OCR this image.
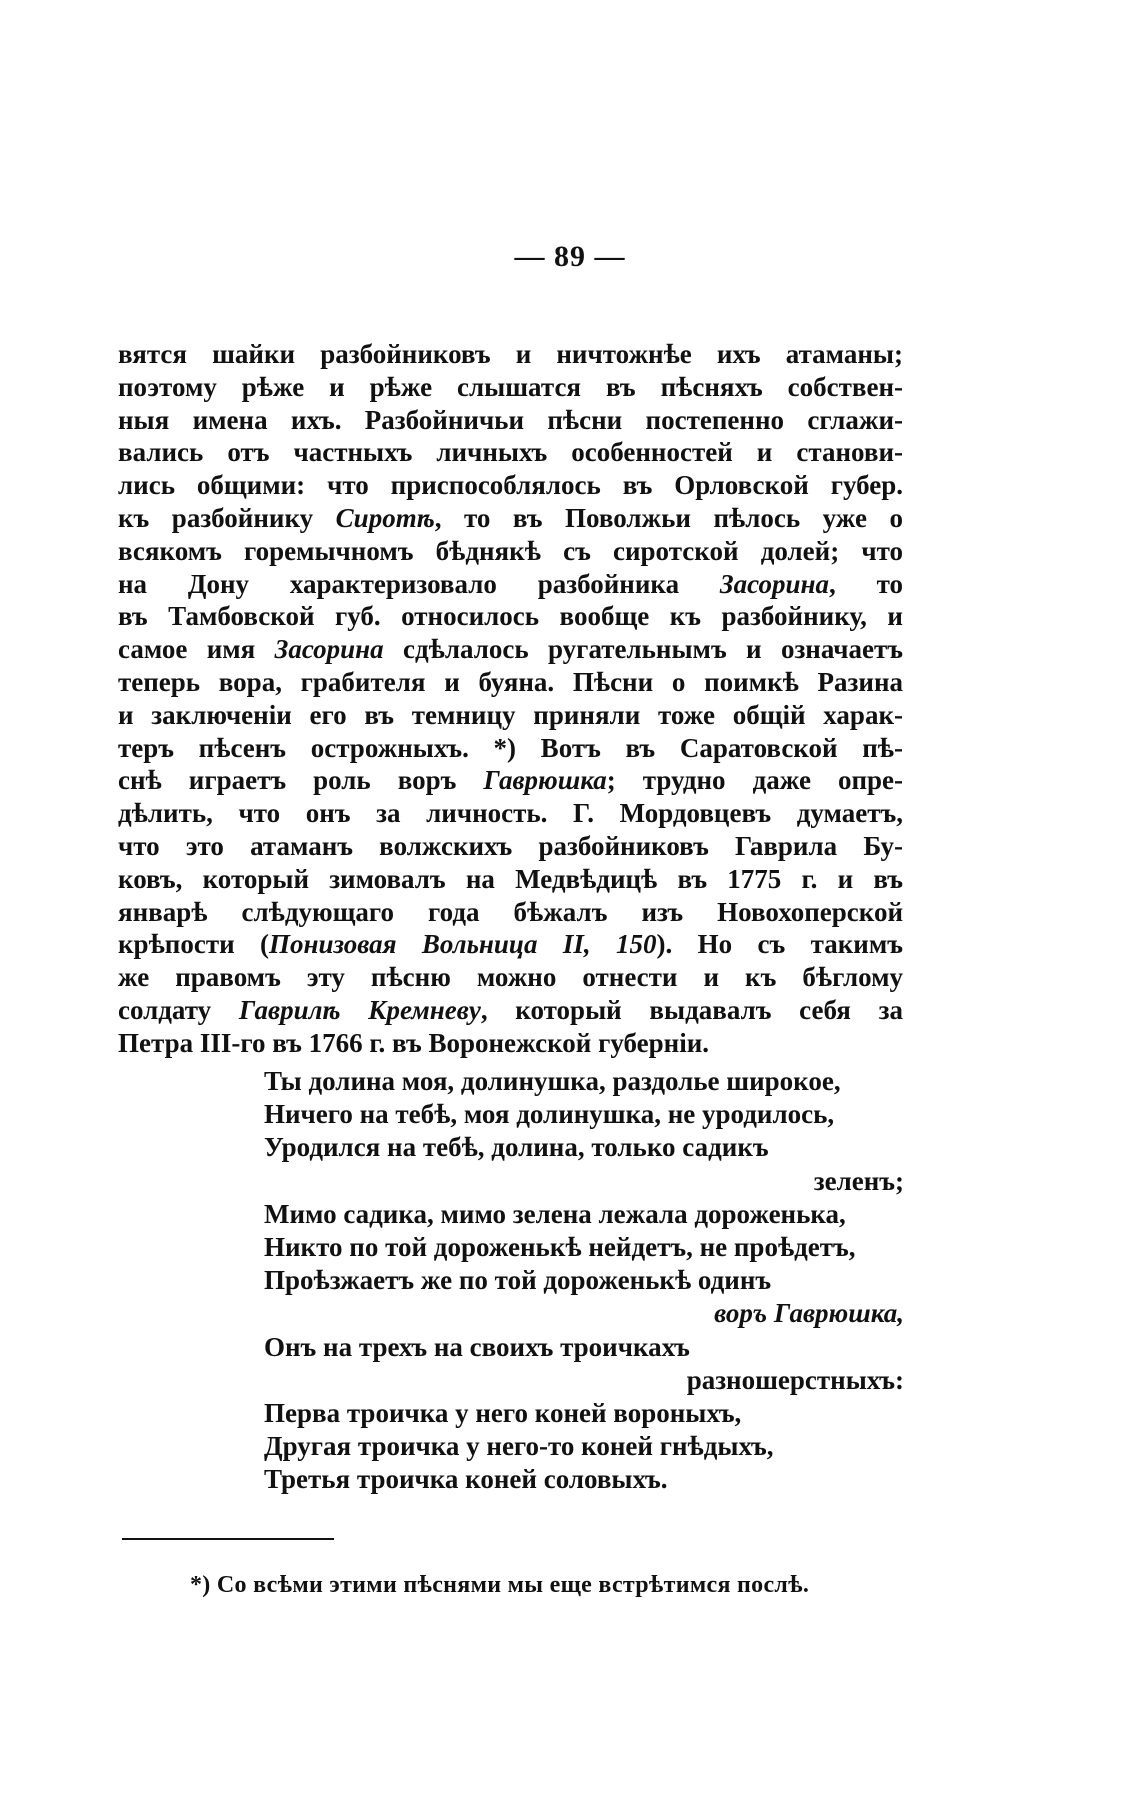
— 89 —
вятся шайки разбойниковъ и ничтожнѣе ихъ атаманы;
поэтому рѣже и рѣже слышатся въ пѣсняхъ собствен-
ныя имена ихъ. Разбойничьи пѣсни постепенно сглажи-
вались отъ частныхъ личныхъ особенностей и станови-
лись общими: что приспособлялось въ Орловской губер.
къ разбойнику Сиротѣ, то въ Поволжьи пѣлось уже о
всякомъ горемычномъ бѣднякѣ съ сиротской долей; что
на Дону характеризовало разбойника Засорина, то
въ Тамбовской губ. относилось вообще къ разбойнику, и
самое имя Засорина сдѣлалось ругательнымъ и означаетъ
теперь вора, грабителя и буяна. Пѣсни о поимкѣ Разина
и заключеніи его въ темницу приняли тоже общій харак-
теръ пѣсенъ острожныхъ. *) Вотъ въ Саратовской пѣ-
снѣ играетъ роль воръ Гаврюшка; трудно даже опре-
дѣлить, что онъ за личность. Г. Мордовцевъ думаетъ,
что это атаманъ волжскихъ разбойниковъ Гаврила Бу-
ковъ, который зимовалъ на Медвѣдицѣ въ 1775 г. и въ
январѣ слѣдующаго года бѣжалъ изъ Новохоперской
крѣпости (Понизовая Вольница II, 150). Но съ такимъ
же правомъ эту пѣсню можно отнести и къ бѣглому
солдату Гаврилѣ Кремневу, который выдавалъ себя за
Петра III-го въ 1766 г. въ Воронежской губерніи.
Ты долина моя, долинушка, раздолье широкое,
Ничего на тебѣ, моя долинушка, не уродилось,
Уродился на тебѣ, долина, только садикъ
зеленъ;
Мимо садика, мимо зелена лежала дороженька,
Никто по той дороженькѣ нейдетъ, не проѣдетъ,
Проѣзжаетъ же по той дороженькѣ одинъ
воръ Гаврюшка,
Онъ на трехъ на своихъ троичкахъ
разношерстныхъ:
Перва троичка у него коней вороныхъ,
Другая троичка у него-то коней гнѣдыхъ,
Третья троичка коней соловыхъ.
*) Со всѣми этими пѣснями мы еще встрѣтимся послѣ.
